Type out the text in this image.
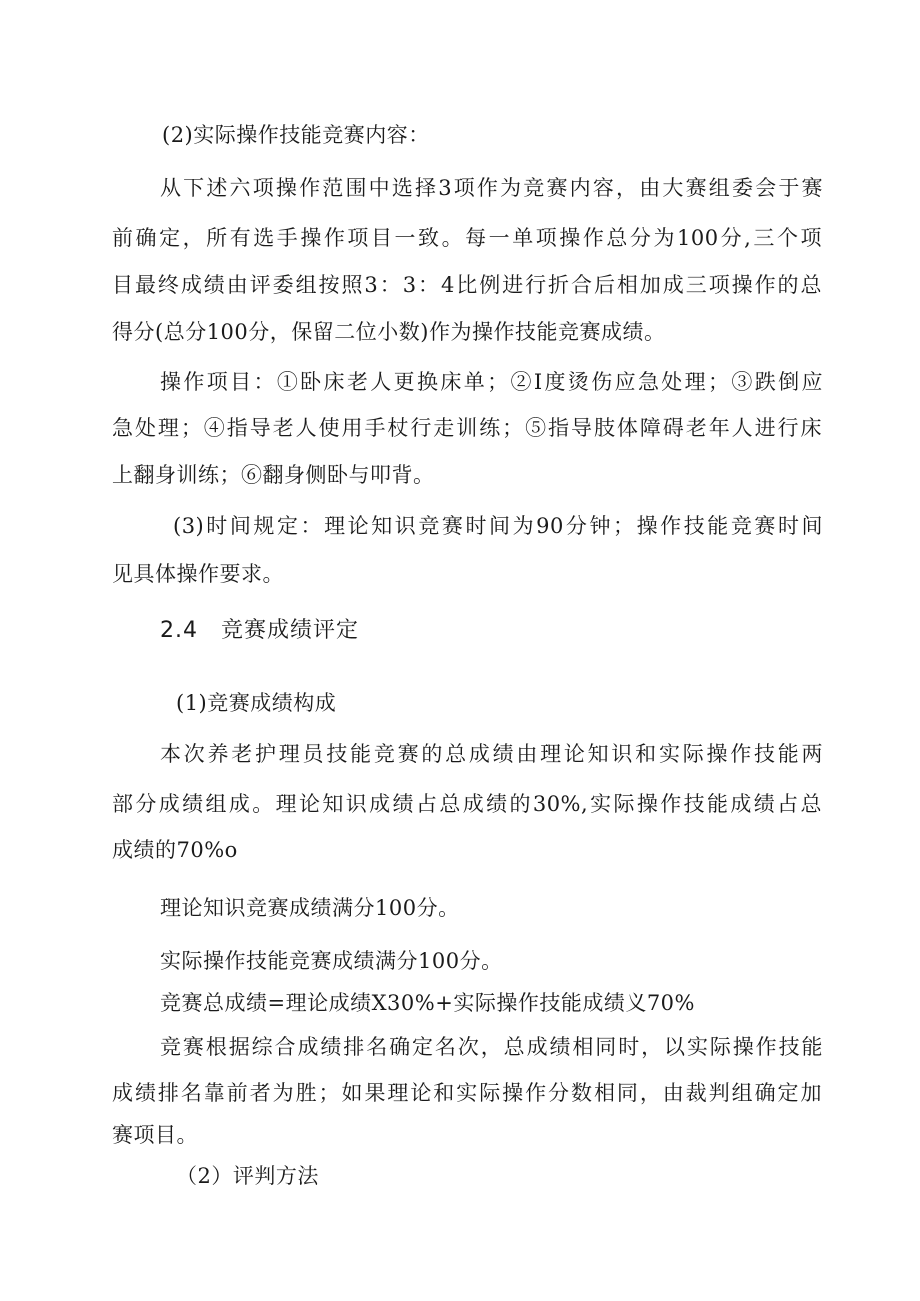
(2)实际操作技能竞赛内容：
从下述六项操作范围中选择3项作为竞赛内容，由大赛组委会于赛
前确定，所有选手操作项目一致。每一单项操作总分为100分,三个项
目最终成绩由评委组按照3：3：4比例进行折合后相加成三项操作的总
得分(总分100分，保留二位小数)作为操作技能竞赛成绩。
操作项目：①卧床老人更换床单；②I度烫伤应急处理；③跌倒应
急处理；④指导老人使用手杖行走训练；⑤指导肢体障碍老年人进行床
上翻身训练；⑥翻身侧卧与叩背。
(3)时间规定：理论知识竞赛时间为90分钟；操作技能竞赛时间
见具体操作要求。
2.4　竞赛成绩评定
(1)竞赛成绩构成
本次养老护理员技能竞赛的总成绩由理论知识和实际操作技能两
部分成绩组成。理论知识成绩占总成绩的30%,实际操作技能成绩占总
成绩的70%o
理论知识竞赛成绩满分100分。
实际操作技能竞赛成绩满分100分。
竞赛总成绩=理论成绩X30%+实际操作技能成绩义70%
竞赛根据综合成绩排名确定名次，总成绩相同时，以实际操作技能
成绩排名靠前者为胜；如果理论和实际操作分数相同，由裁判组确定加
赛项目。
（2）评判方法
